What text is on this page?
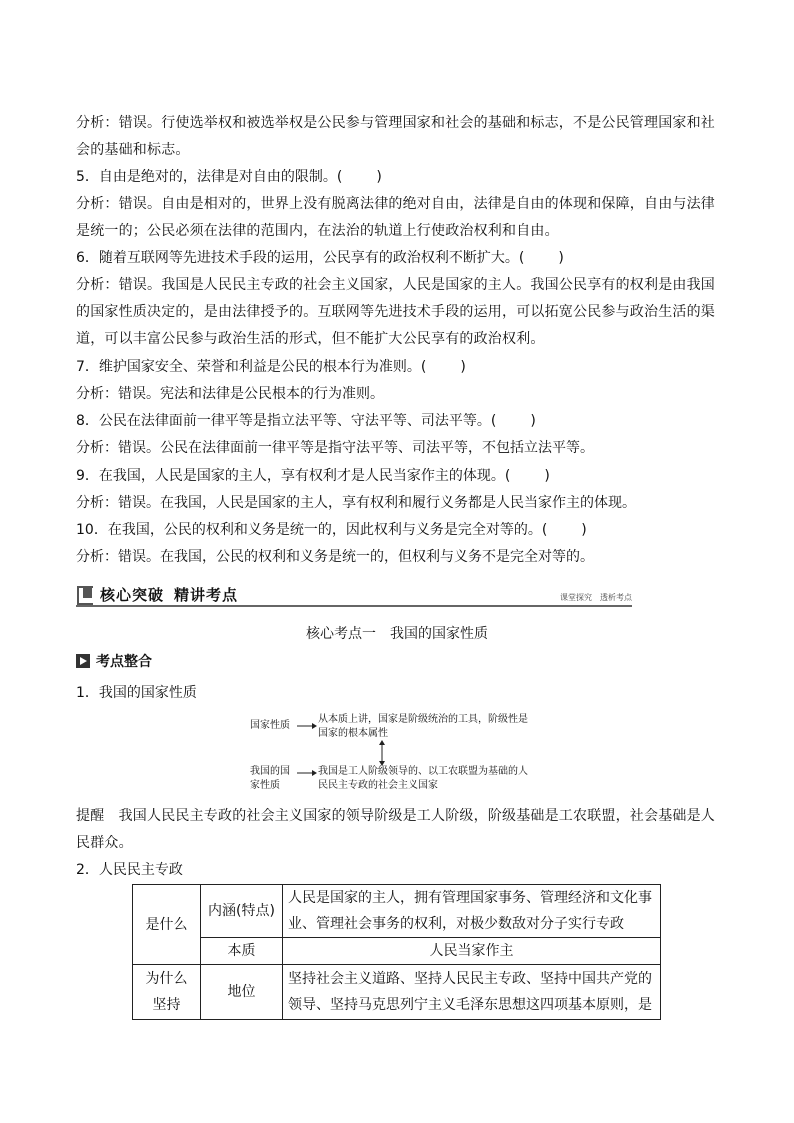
分析：错误。行使选举权和被选举权是公民参与管理国家和社会的基础和标志，不是公民管理国家和社会的基础和标志。
5．自由是绝对的，法律是对自由的限制。( )
分析：错误。自由是相对的，世界上没有脱离法律的绝对自由，法律是自由的体现和保障，自由与法律是统一的；公民必须在法律的范围内，在法治的轨道上行使政治权利和自由。
6．随着互联网等先进技术手段的运用，公民享有的政治权利不断扩大。( )
分析：错误。我国是人民民主专政的社会主义国家，人民是国家的主人。我国公民享有的权利是由我国的国家性质决定的，是由法律授予的。互联网等先进技术手段的运用，可以拓宽公民参与政治生活的渠道，可以丰富公民参与政治生活的形式，但不能扩大公民享有的政治权利。
7．维护国家安全、荣誉和利益是公民的根本行为准则。( )
分析：错误。宪法和法律是公民根本的行为准则。
8．公民在法律面前一律平等是指立法平等、守法平等、司法平等。( )
分析：错误。公民在法律面前一律平等是指守法平等、司法平等，不包括立法平等。
9．在我国，人民是国家的主人，享有权利才是人民当家作主的体现。( )
分析：错误。在我国，人民是国家的主人，享有权利和履行义务都是人民当家作主的体现。
10．在我国，公民的权利和义务是统一的，因此权利与义务是完全对等的。( )
分析：错误。在我国，公民的权利和义务是统一的，但权利与义务不是完全对等的。
核心突破 精讲考点	课堂探究 透析考点
核心考点一　我国的国家性质
考点整合
1．我国的国家性质
国家性质
我国的国
家性质
从本质上讲，国家是阶级统治的工具，阶级性是
国家的根本属性
我国是工人阶级领导的、以工农联盟为基础的人
民民主专政的社会主义国家
提醒　 我国人民民主专政的社会主义国家的领导阶级是工人阶级，阶级基础是工农联盟，社会基础是人民群众。
2．人民民主专政
是什么	内涵(特点)	人民是国家的主人，拥有管理国家事务、管理经济和文化事业、管理社会事务的权利，对极少数敌对分子实行专政
	本质	人民当家作主

为什么坚持	地位	坚持社会主义道路、坚持人民民主专政、坚持中国共产党的领导、坚持马克思列宁主义毛泽东思想这四项基本原则，是
